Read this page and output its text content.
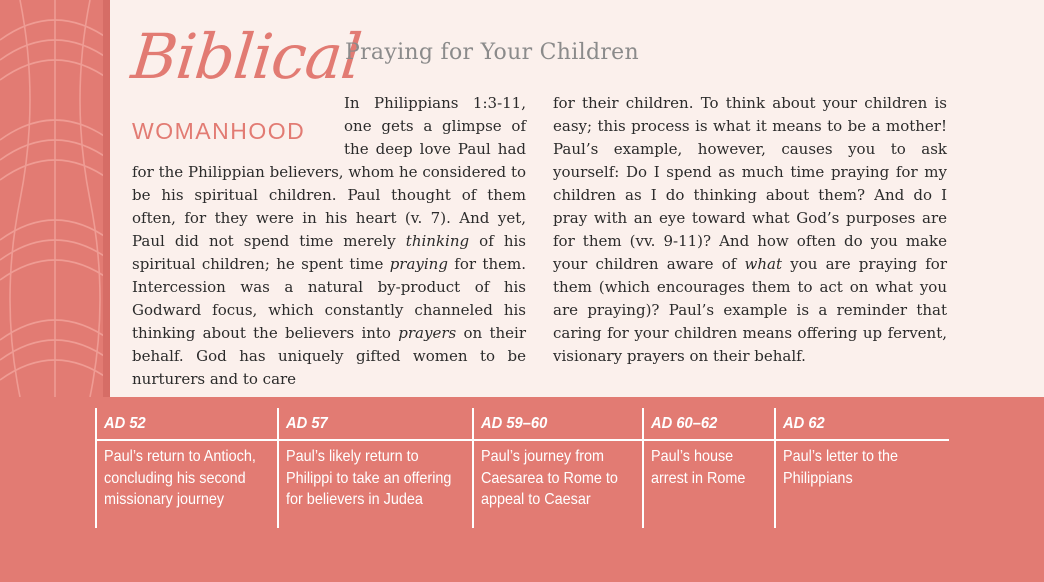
Biblical
WOMANHOOD
Praying for Your Children
In Philippians 1:3-11, one gets a glimpse of the deep love Paul had for the Philippian believers, whom he considered to be his spiritual children. Paul thought of them often, for they were in his heart (v. 7). And yet, Paul did not spend time merely thinking of his spiritual children; he spent time praying for them. Intercession was a natural by-product of his Godward focus, which constantly channeled his thinking about the believers into prayers on their behalf. God has uniquely gifted women to be nurturers and to care
for their children. To think about your children is easy; this process is what it means to be a mother! Paul’s example, however, causes you to ask yourself: Do I spend as much time praying for my children as I do thinking about them? And do I pray with an eye toward what God’s purposes are for them (vv. 9-11)? And how often do you make your children aware of what you are praying for them (which encourages them to act on what you are praying)? Paul’s example is a reminder that caring for your children means offering up fervent, visionary prayers on their behalf.
AD 52
Paul’s return to Antioch, concluding his second missionary journey
AD 57
Paul’s likely return to Philippi to take an offering for believers in Judea
AD 59–60
Paul’s journey from Caesarea to Rome to appeal to Caesar
AD 60–62
Paul’s house arrest in Rome
AD 62
Paul’s letter to the Philippians
